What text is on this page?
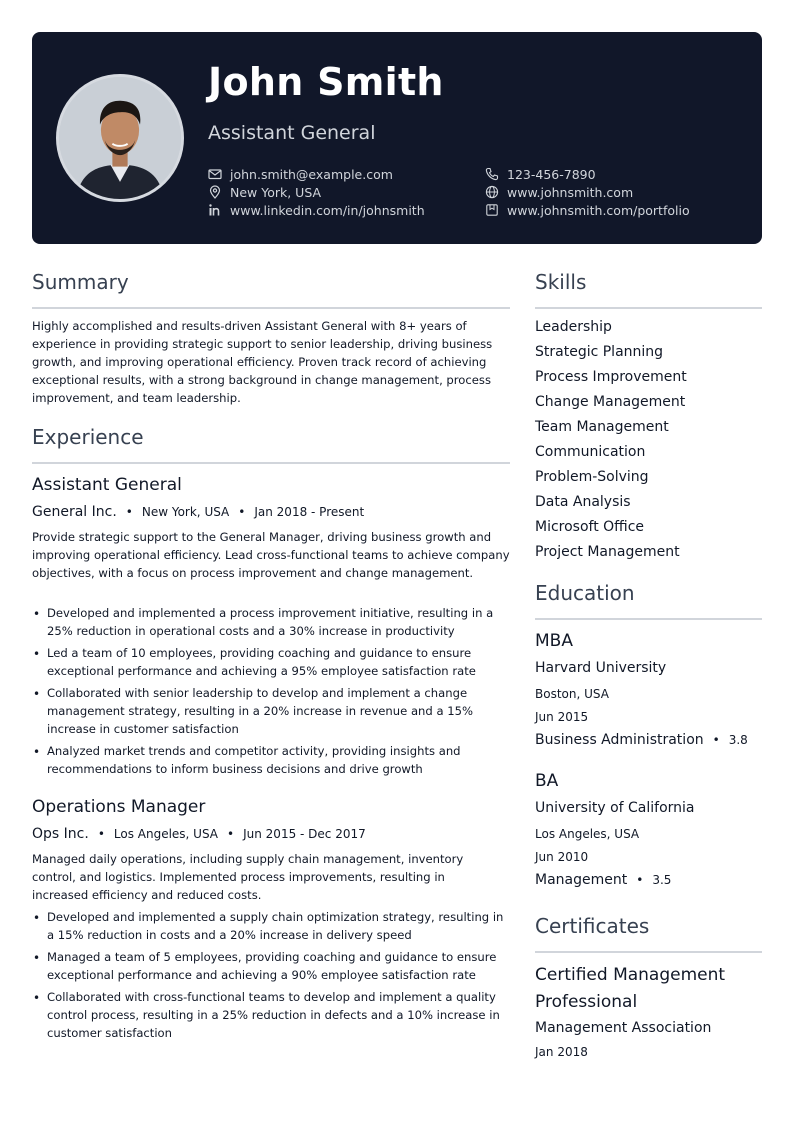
John Smith
Assistant General
john.smith@example.com
New York, USA
www.linkedin.com/in/johnsmith
123-456-7890
www.johnsmith.com
www.johnsmith.com/portfolio
Summary
Highly accomplished and results-driven Assistant General with 8+ years of experience in providing strategic support to senior leadership, driving business growth, and improving operational efficiency. Proven track record of achieving exceptional results, with a strong background in change management, process improvement, and team leadership.
Experience
Assistant General
General Inc. • New York, USA • Jan 2018 - Present
Provide strategic support to the General Manager, driving business growth and improving operational efficiency. Lead cross-functional teams to achieve company objectives, with a focus on process improvement and change management.
• Developed and implemented a process improvement initiative, resulting in a 25% reduction in operational costs and a 30% increase in productivity
• Led a team of 10 employees, providing coaching and guidance to ensure exceptional performance and achieving a 95% employee satisfaction rate
• Collaborated with senior leadership to develop and implement a change management strategy, resulting in a 20% increase in revenue and a 15% increase in customer satisfaction
• Analyzed market trends and competitor activity, providing insights and recommendations to inform business decisions and drive growth
Operations Manager
Ops Inc. • Los Angeles, USA • Jun 2015 - Dec 2017
Managed daily operations, including supply chain management, inventory control, and logistics. Implemented process improvements, resulting in increased efficiency and reduced costs.
• Developed and implemented a supply chain optimization strategy, resulting in a 15% reduction in costs and a 20% increase in delivery speed
• Managed a team of 5 employees, providing coaching and guidance to ensure exceptional performance and achieving a 90% employee satisfaction rate
• Collaborated with cross-functional teams to develop and implement a quality control process, resulting in a 25% reduction in defects and a 10% increase in customer satisfaction
Skills
Leadership
Strategic Planning
Process Improvement
Change Management
Team Management
Communication
Problem-Solving
Data Analysis
Microsoft Office
Project Management
Education
MBA
Harvard University
Boston, USA
Jun 2015
Business Administration • 3.8
BA
University of California
Los Angeles, USA
Jun 2010
Management • 3.5
Certificates
Certified Management Professional
Management Association
Jan 2018
